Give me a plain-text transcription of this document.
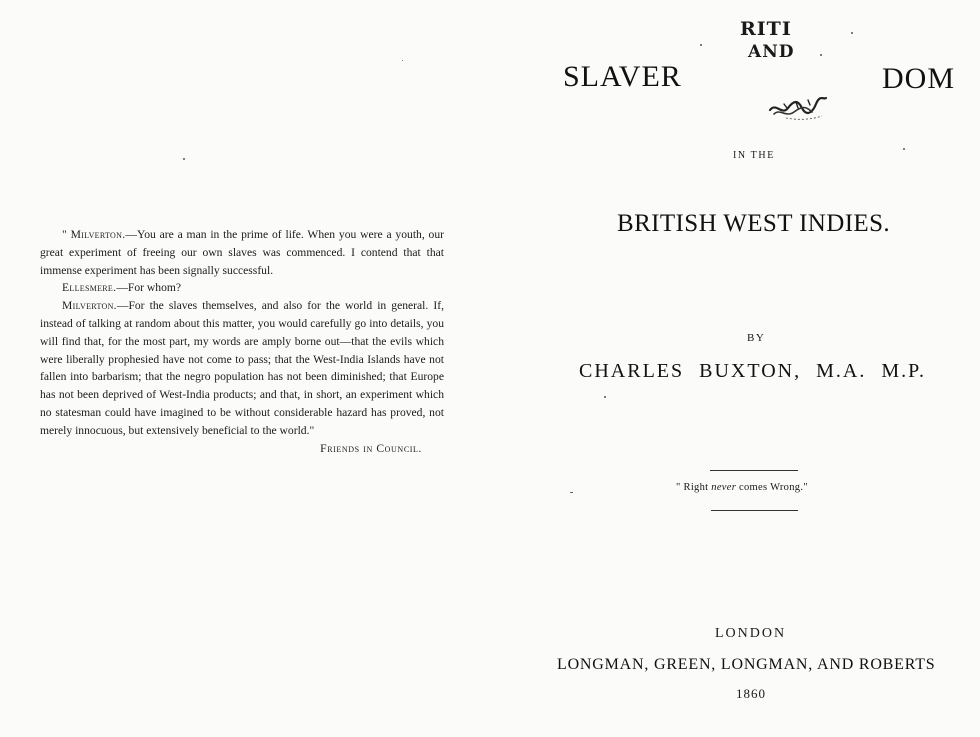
" Milverton.—You are a man in the prime of life. When you were a youth, our great experiment of freeing our own slaves was commenced. I contend that that immense experiment has been signally successful.

Ellesmere.—For whom?

Milverton.—For the slaves themselves, and also for the world in general. If, instead of talking at random about this matter, you would carefully go into details, you will find that, for the most part, my words are amply borne out—that the evils which were liberally prophesied have not come to pass; that the West-India Islands have not fallen into barbarism; that the negro population has not been diminished; that Europe has not been deprived of West-India products; and that, in short, an experiment which no statesman could have imagined to be without considerable hazard has proved, not merely innocuous, but extensively beneficial to the world."

Friends in Council.

RITI
AND
SLAVER	DOM
IN THE
BRITISH WEST INDIES.
BY
CHARLES BUXTON, M.A. M.P.
" Right never comes Wrong."
LONDON
LONGMAN, GREEN, LONGMAN, AND ROBERTS
1860
